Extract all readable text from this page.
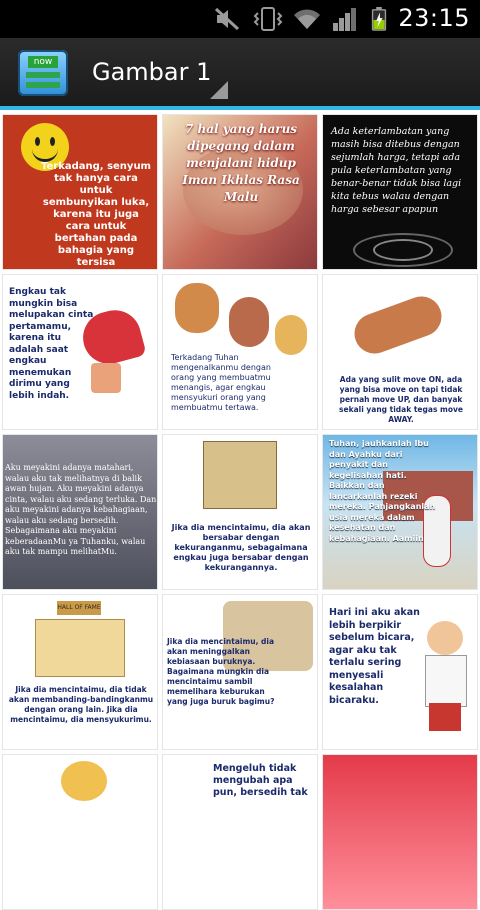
23:15
now Gambar 1
Terkadang, senyum tak hanya cara untuk sembunyikan luka, karena itu juga cara untuk bertahan pada bahagia yang tersisa
7 hal yang harus dipegang dalam menjalani hidup Iman Ikhlas Rasa Malu
Ada keterlambatan yang masih bisa ditebus dengan sejumlah harga, tetapi ada pula keterlambatan yang benar-benar tidak bisa lagi kita tebus walau dengan harga sebesar apapun
Engkau tak mungkin bisa melupakan cinta pertamamu, karena itu adalah saat engkau menemukan dirimu yang lebih indah.
Terkadang Tuhan mengenalkanmu dengan orang yang membuatmu menangis, agar engkau mensyukuri orang yang membuatmu tertawa.
Ada yang sulit move ON, ada yang bisa move on tapi tidak pernah move UP, dan banyak sekali yang tidak tegas move AWAY.
Aku meyakini adanya matahari, walau aku tak melihatnya di balik awan hujan. Aku meyakini adanya cinta, walau aku sedang terluka. Dan aku meyakini adanya kebahagiaan, walau aku sedang bersedih. Sebagaimana aku meyakini keberadaanMu ya Tuhanku, walau aku tak mampu melihatMu.
Jika dia mencintaimu, dia akan bersabar dengan kekuranganmu, sebagaimana engkau juga bersabar dengan kekurangannya.
Tuhan, jauhkanlah Ibu dan Ayahku dari penyakit dan kegelisahan hati. Baikkan dan lancarkanlah rezeki mereka. Panjangkanlah usia mereka dalam kesehatan dan kebahagiaan. Aamiin
HALL OF FAME
Jika dia mencintaimu, dia tidak akan membanding-bandingkanmu dengan orang lain. Jika dia mencintaimu, dia mensyukurimu.
Jika dia mencintaimu, dia akan meninggalkan kebiasaan buruknya. Bagaimana mungkin dia mencintaimu sambil memelihara keburukan yang juga buruk bagimu?
Hari ini aku akan lebih berpikir sebelum bicara, agar aku tak terlalu sering menyesali kesalahan bicaraku.
Mengeluh tidak mengubah apa pun, bersedih tak
